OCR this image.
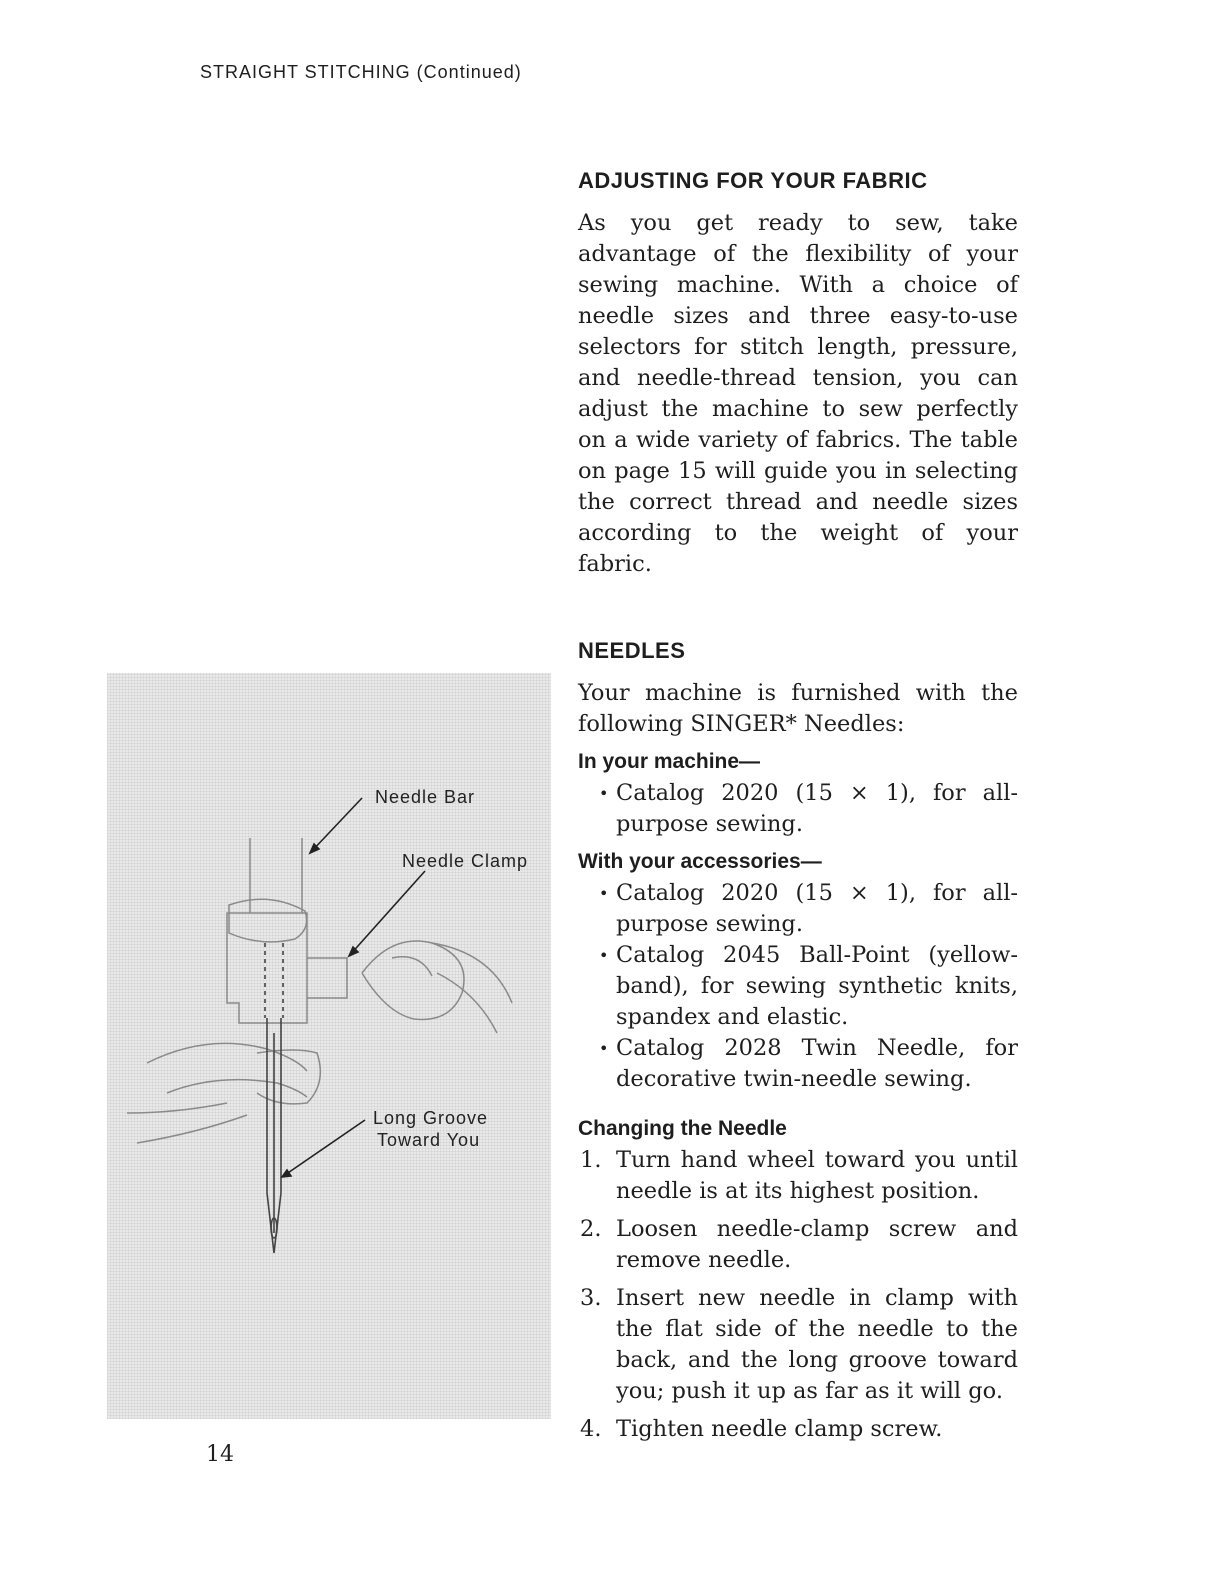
STRAIGHT STITCHING (Continued)
Needle Bar
Needle Clamp
Long Groove
Toward You
ADJUSTING FOR YOUR FABRIC

As you get ready to sew, take advantage of the flexibility of your sewing machine. With a choice of needle sizes and three easy-to-use selectors for stitch length, pressure, and needle-thread tension, you can adjust the machine to sew perfectly on a wide variety of fabrics. The table on page 15 will guide you in selecting the correct thread and needle sizes according to the weight of your fabric.

NEEDLES

Your machine is furnished with the following SINGER* Needles:

In your machine—
• Catalog 2020 (15 × 1), for all-purpose sewing.
With your accessories—
• Catalog 2020 (15 × 1), for all-purpose sewing.
• Catalog 2045 Ball-Point (yellow-band), for sewing synthetic knits, spandex and elastic.
• Catalog 2028 Twin Needle, for decorative twin-needle sewing.
Changing the Needle
1. Turn hand wheel toward you until needle is at its highest position.
2. Loosen needle-clamp screw and remove needle.
3. Insert new needle in clamp with the flat side of the needle to the back, and the long groove toward you; push it up as far as it will go.
4. Tighten needle clamp screw.
14
